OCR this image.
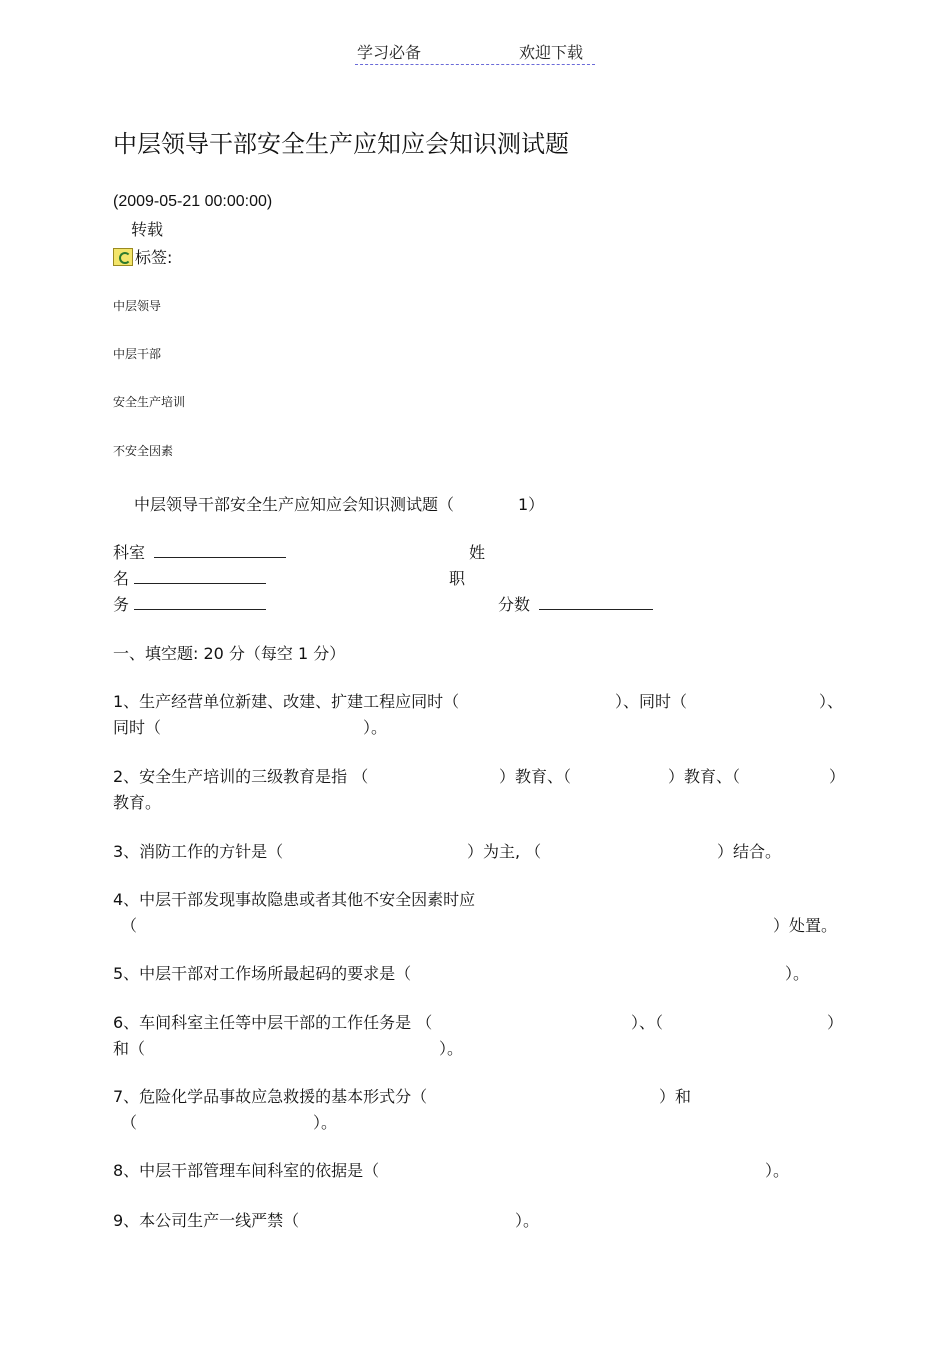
学习必备	欢迎下载
中层领导干部安全生产应知应会知识测试题
(2009-05-21 00:00:00)
转载
标签:
中层领导
中层干部
安全生产培训
不安全因素
中层领导干部安全生产应知应会知识测试题（	1）
科室	姓
名	职
务	分数
一、填空题: 20 分（每空 1 分）
1、生产经营单位新建、改建、扩建工程应同时（	）、同时（	）、
同时（	）。
2、安全生产培训的三级教育是指 （	）教育、（	）教育、（	）
教育。
3、消防工作的方针是（	）为主, （	）结合。
4、中层干部发现事故隐患或者其他不安全因素时应
（	）处置。
5、中层干部对工作场所最起码的要求是（	）。
6、车间科室主任等中层干部的工作任务是 （	）、（	）
和（	）。
7、危险化学品事故应急救援的基本形式分（	）和
（	）。
8、中层干部管理车间科室的依据是（	）。
9、本公司生产一线严禁（	）。
